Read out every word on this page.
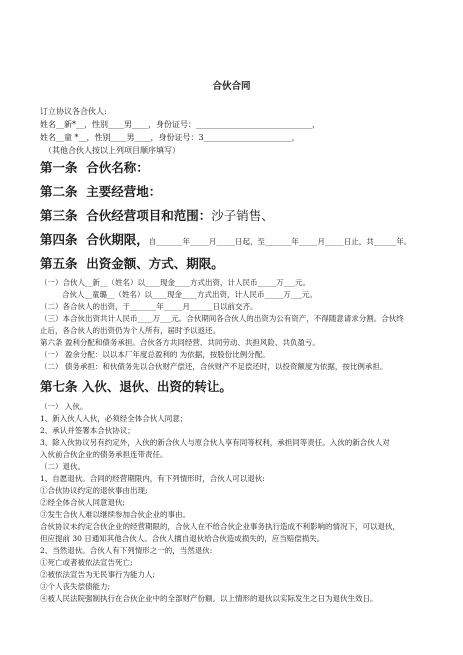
合伙合同
订立协议各合伙人:
姓名__新*__，性别____男____，身份证号：_____________________________，
姓名__童 *__，性别____男____，身份证号：3______________________，
（其他合伙人按以上列项目顺序填写）
第一条 合伙名称：
第二条 主要经营地：
第三条 合伙经营项目和范围：沙子销售、
第四条 合伙期限，自_______年_____月_____日起，至_______年_____月_____日止，共______年。
第五条 出资金额、方式、期限。
（一）合伙人__新__（姓名）以____现金____方式出资，计人民币_____万___元。
合伙人__童璐__（姓名）以____现金____方式出资，计人民币_____万___元。
（二）各合伙人的出资，于_______年_____月______日以前交齐。
（三）本合伙出资共计人民币____万___元。合伙期间各合伙人的出资为公有资产，不得随意请求分割。合伙终
止后，各合伙人的出资仍为个人所有，届时予以返还。
第六条 盈利分配和债务承担。合伙各方共同经营、共同劳动、共担风险、共负盈亏。
（一） 盈余分配：以以本厂年度总盈利的 为依据，按股份比例分配。
（二） 债务承担：和伙债务先以合伙财产偿还，合伙财产不足偿还时，以投资额度为依据，按比例承担。
第七条 入伙、退伙、出资的转让。
（一） 入伙。
1、新入伙人入伙，必须经全体合伙人同意；
2、承认并签署本合伙协议；
3、除入伙协议另有约定外，入伙的新合伙人与原合伙人享有同等权利，承担同等责任。入伙的新合伙人对
入伙前合伙企业的债务承担连带责任。
（二）退伙。
1、自愿退伙。合同的经营期限内，有下列情形时，合伙人可以退伙:
①合伙协议约定的退伙事由出现;
②经全体合伙人同意退伙;
③发生合伙人难以继续参加合伙企业的事由。
合伙协议未约定合伙企业的经营期限的，合伙人在不给合伙企业事务执行造成不利影响的情况下，可以退伙，
但应提前 30 日通知其他合伙人。合伙人擅自退伙给合伙造成损失的，应当赔偿损失。
2、当然退伙。合伙人有下列情形之一的，当然退伙:
①死亡或者被依法宣告死亡;
②被依法宣告为无民事行为能力人;
③个人丧失偿债能力;
④被人民法院强制执行在合伙企业中的全部财产份额。以上情形的退伙以实际发生之日为退伙生效日。
